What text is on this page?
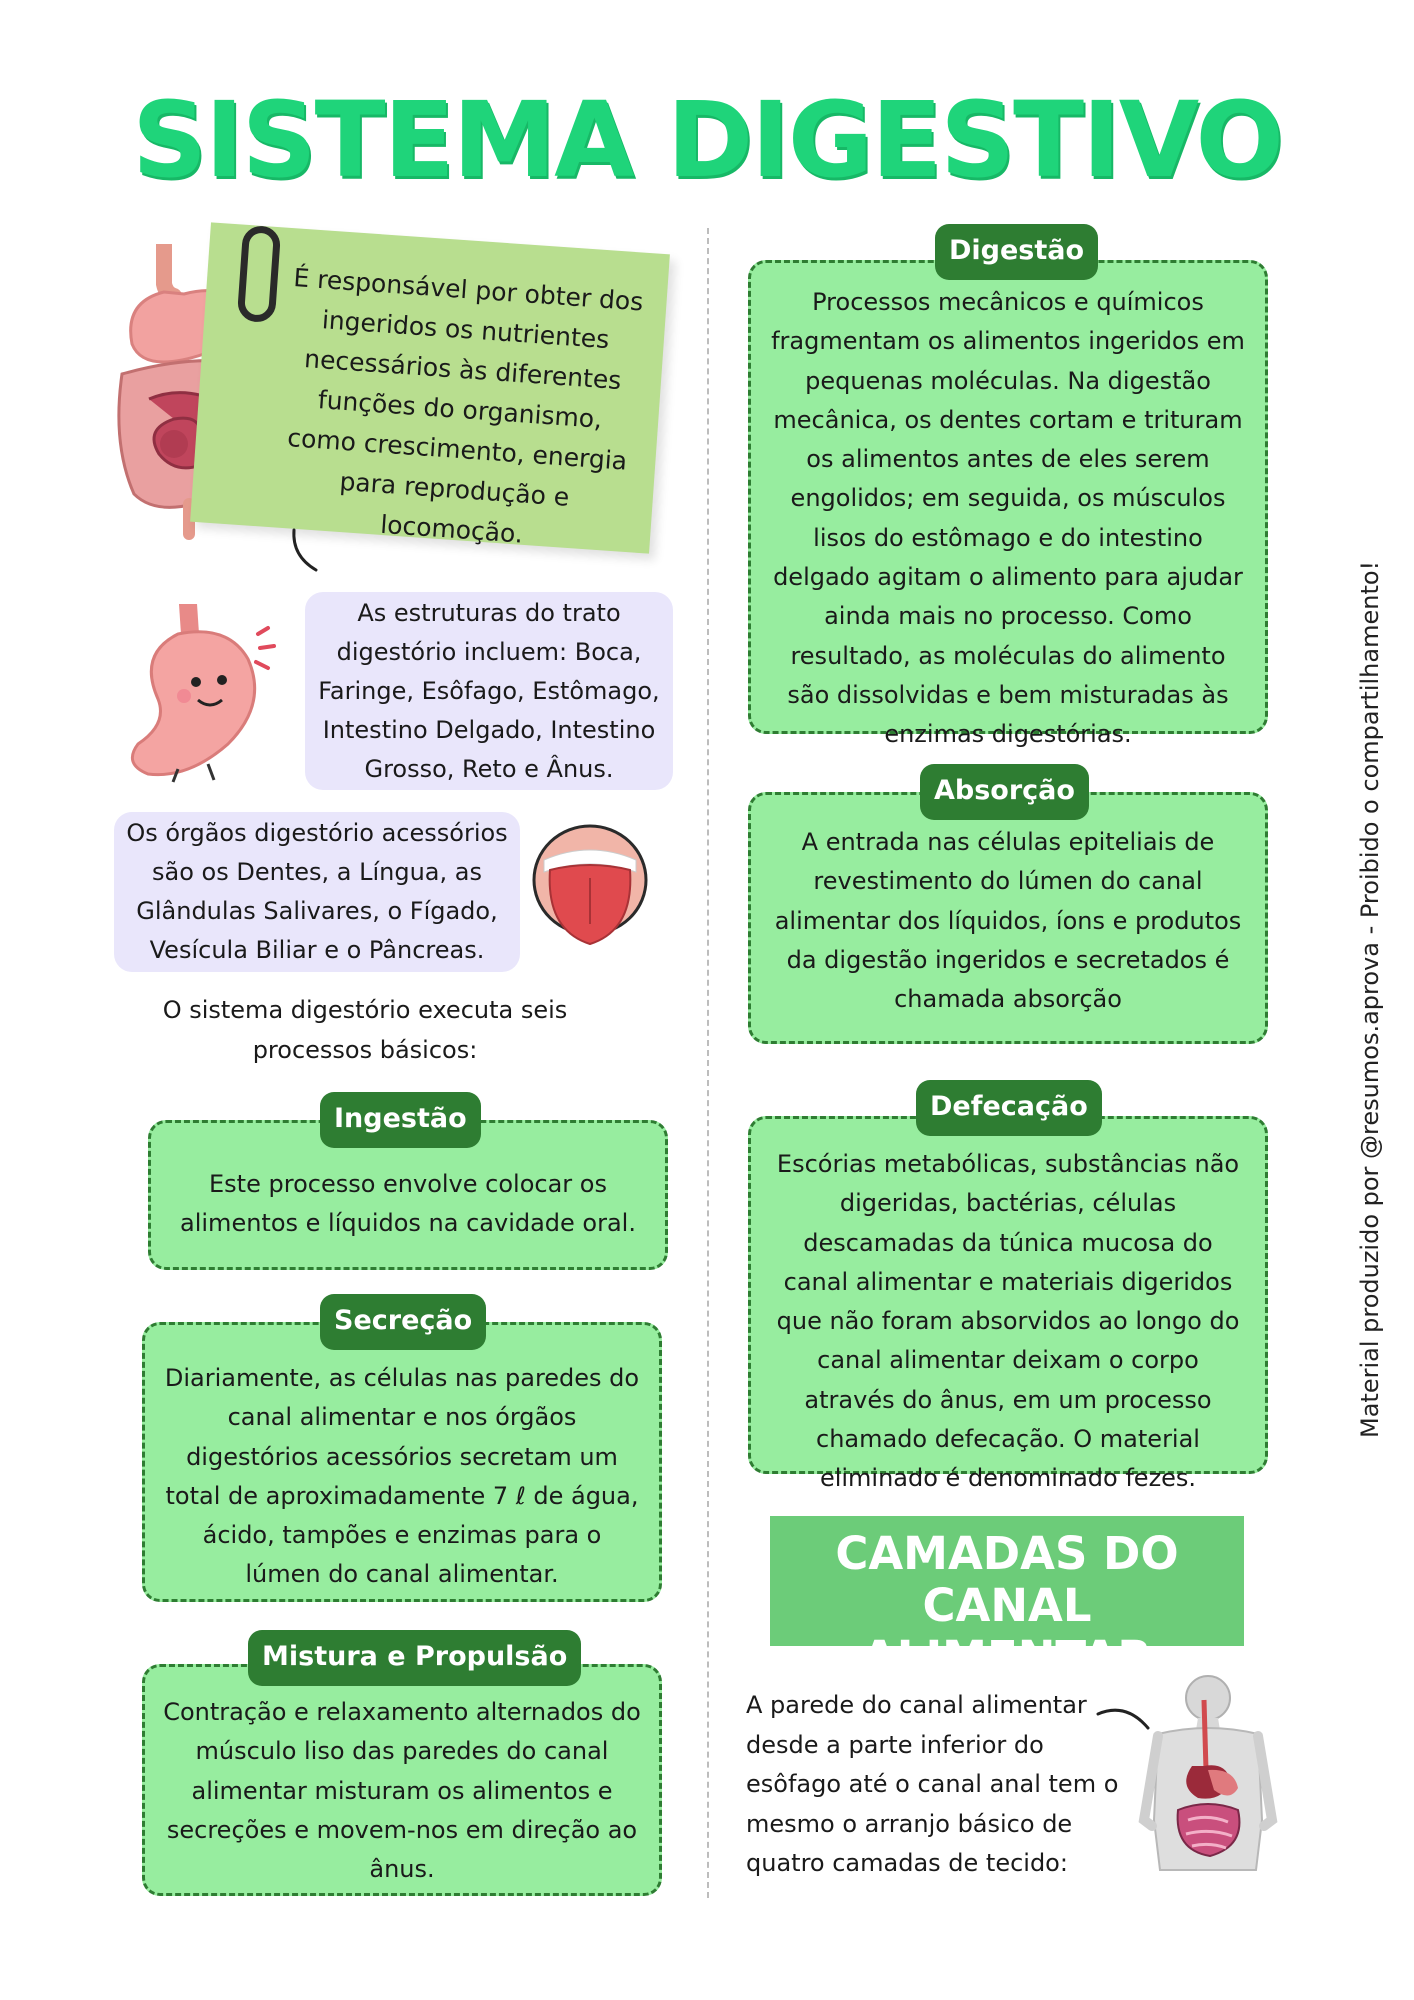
SISTEMA DIGESTIVO
É responsável por obter dos ingeridos os nutrientes necessários às diferentes funções do organismo, como crescimento, energia para reprodução e locomoção.
As estruturas do trato digestório incluem: Boca, Faringe, Esôfago, Estômago, Intestino Delgado, Intestino Grosso, Reto e Ânus.
Os órgãos digestório acessórios são os Dentes, a Língua, as Glândulas Salivares, o Fígado, Vesícula Biliar e o Pâncreas.
O sistema digestório executa seis processos básicos:
Este processo envolve colocar os alimentos e líquidos na cavidade oral.
Ingestão
Diariamente, as células nas paredes do canal alimentar e nos órgãos digestórios acessórios secretam um total de aproximadamente 7 ℓ de água, ácido, tampões e enzimas para o lúmen do canal alimentar.
Secreção
Contração e relaxamento alternados do músculo liso das paredes do canal alimentar misturam os alimentos e secreções e movem-nos em direção ao ânus.
Mistura e Propulsão
Processos mecânicos e químicos fragmentam os alimentos ingeridos em pequenas moléculas. Na digestão mecânica, os dentes cortam e trituram os alimentos antes de eles serem engolidos; em seguida, os músculos lisos do estômago e do intestino delgado agitam o alimento para ajudar ainda mais no processo. Como resultado, as moléculas do alimento são dissolvidas e bem misturadas às enzimas digestórias.
Digestão
A entrada nas células epiteliais de revestimento do lúmen do canal alimentar dos líquidos, íons e produtos da digestão ingeridos e secretados é chamada absorção
Absorção
Escórias metabólicas, substâncias não digeridas, bactérias, células descamadas da túnica mucosa do canal alimentar e materiais digeridos que não foram absorvidos ao longo do canal alimentar deixam o corpo através do ânus, em um processo chamado defecação. O material eliminado é denominado fezes.
Defecação
CAMADAS DO CANAL ALIMENTAR
A parede do canal alimentar desde a parte inferior do esôfago até o canal anal tem o mesmo o arranjo básico de quatro camadas de tecido:
Material produzido por @resumos.aprova - Proibido o compartilhamento!
